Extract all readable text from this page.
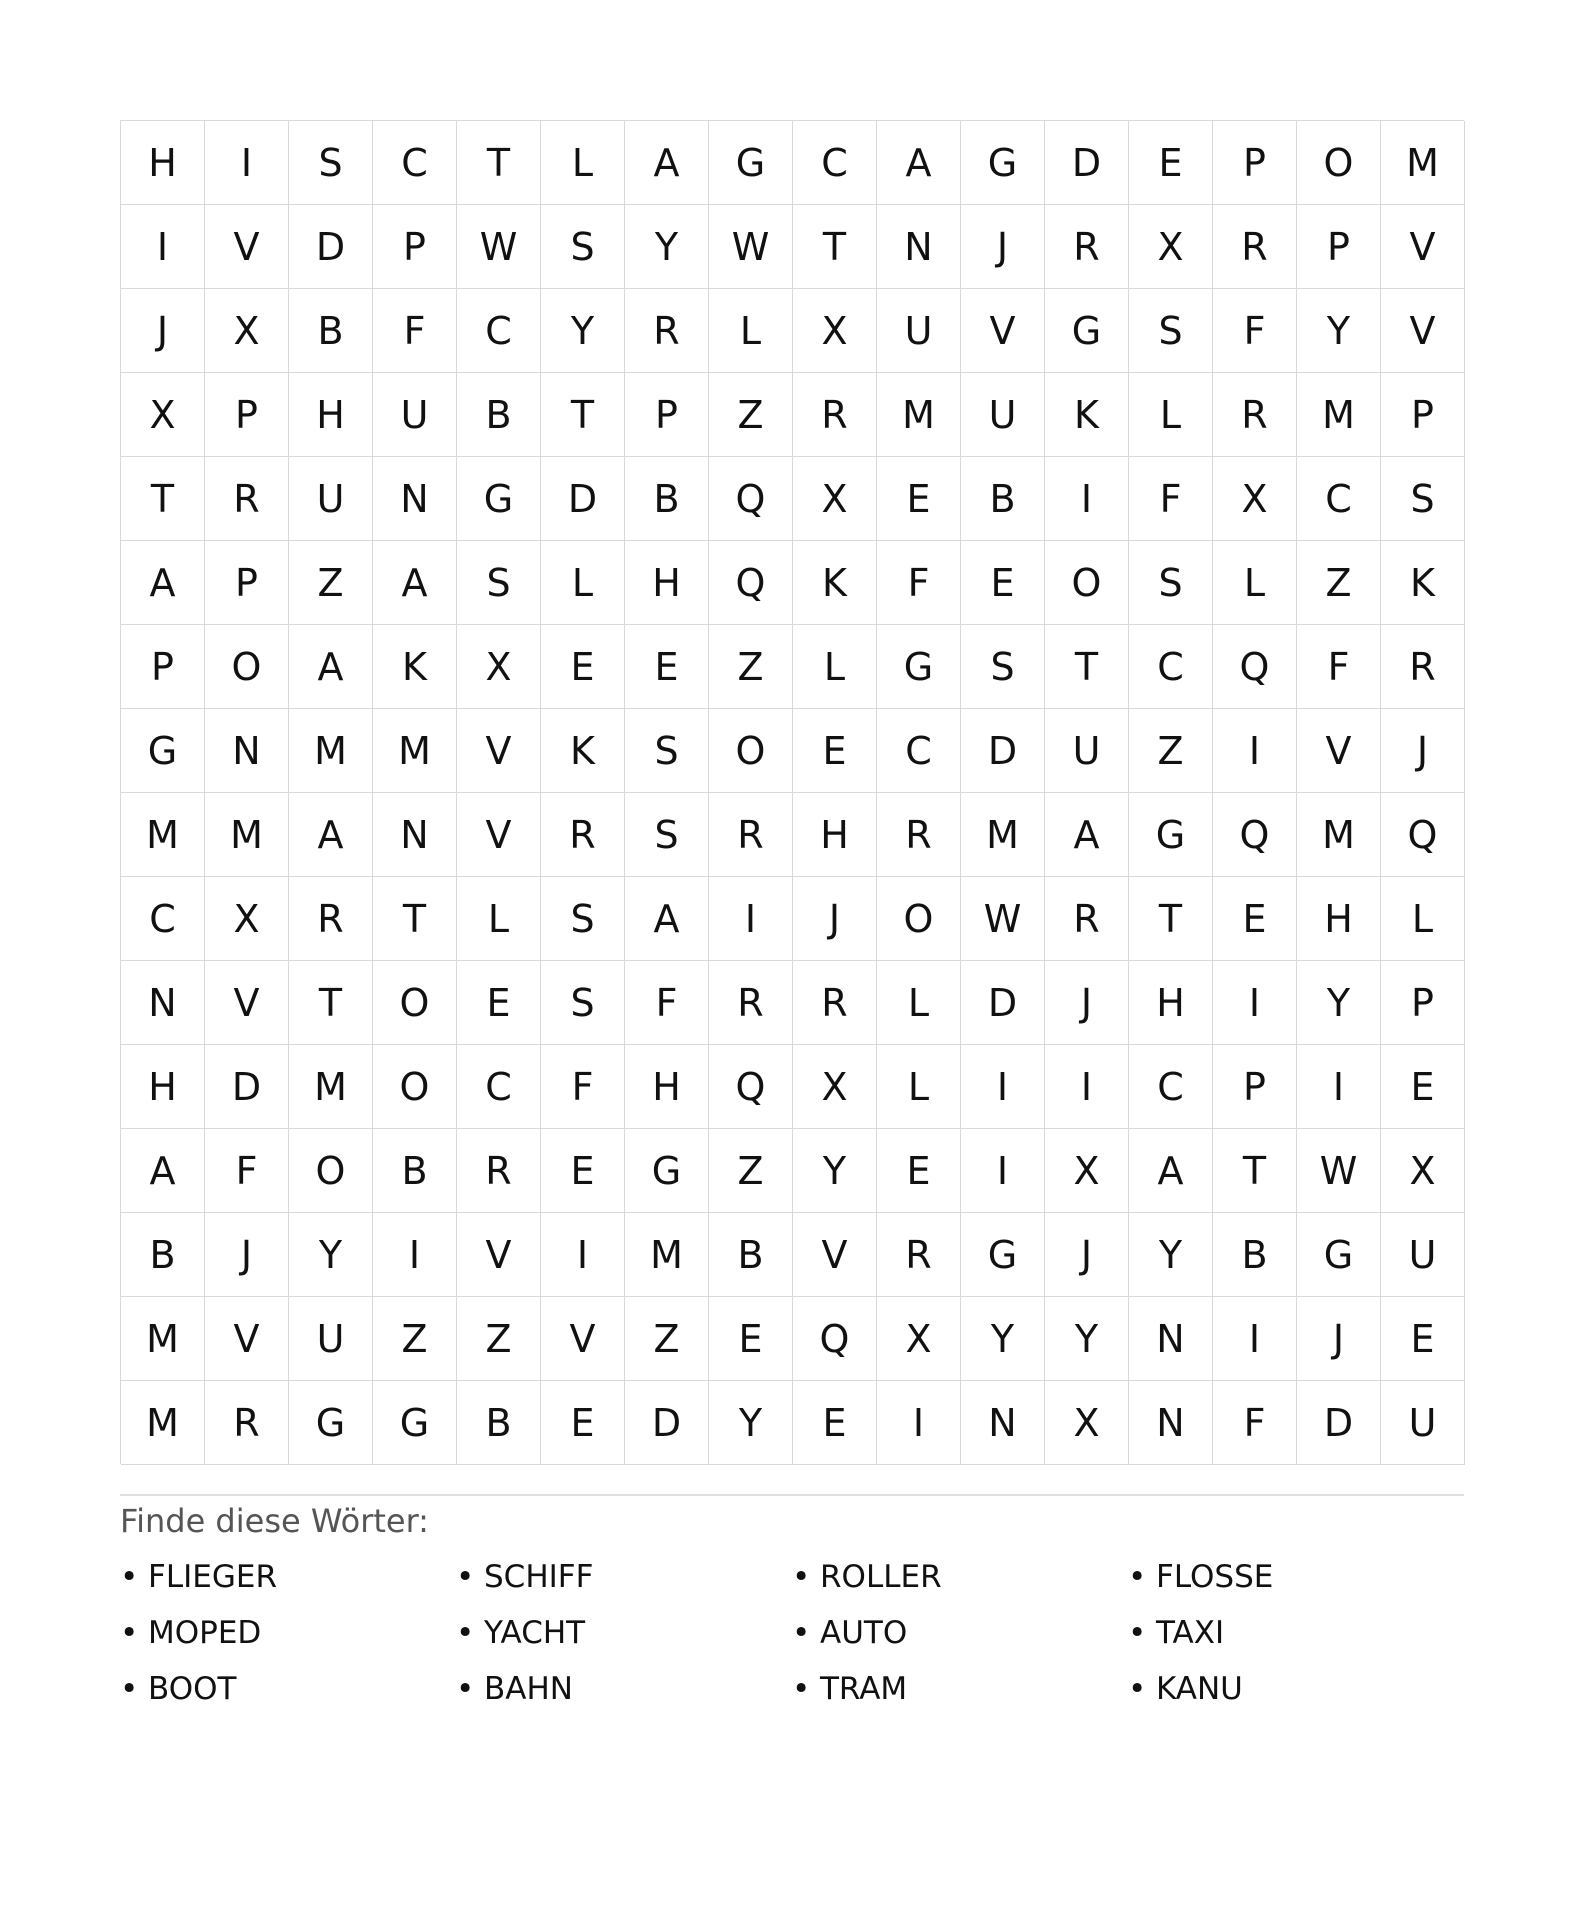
H	I	S	C	T	L	A	G	C	A	G	D	E	P	O	M
I	V	D	P	W	S	Y	W	T	N	J	R	X	R	P	V
J	X	B	F	C	Y	R	L	X	U	V	G	S	F	Y	V
X	P	H	U	B	T	P	Z	R	M	U	K	L	R	M	P
T	R	U	N	G	D	B	Q	X	E	B	I	F	X	C	S
A	P	Z	A	S	L	H	Q	K	F	E	O	S	L	Z	K
P	O	A	K	X	E	E	Z	L	G	S	T	C	Q	F	R
G	N	M	M	V	K	S	O	E	C	D	U	Z	I	V	J
M	M	A	N	V	R	S	R	H	R	M	A	G	Q	M	Q
C	X	R	T	L	S	A	I	J	O	W	R	T	E	H	L
N	V	T	O	E	S	F	R	R	L	D	J	H	I	Y	P
H	D	M	O	C	F	H	Q	X	L	I	I	C	P	I	E
A	F	O	B	R	E	G	Z	Y	E	I	X	A	T	W	X
B	J	Y	I	V	I	M	B	V	R	G	J	Y	B	G	U
M	V	U	Z	Z	V	Z	E	Q	X	Y	Y	N	I	J	E
M	R	G	G	B	E	D	Y	E	I	N	X	N	F	D	U
Finde diese Wörter:
• FLIEGER	• SCHIFF	• ROLLER	• FLOSSE
• MOPED	• YACHT	• AUTO	• TAXI
• BOOT	• BAHN	• TRAM	• KANU
